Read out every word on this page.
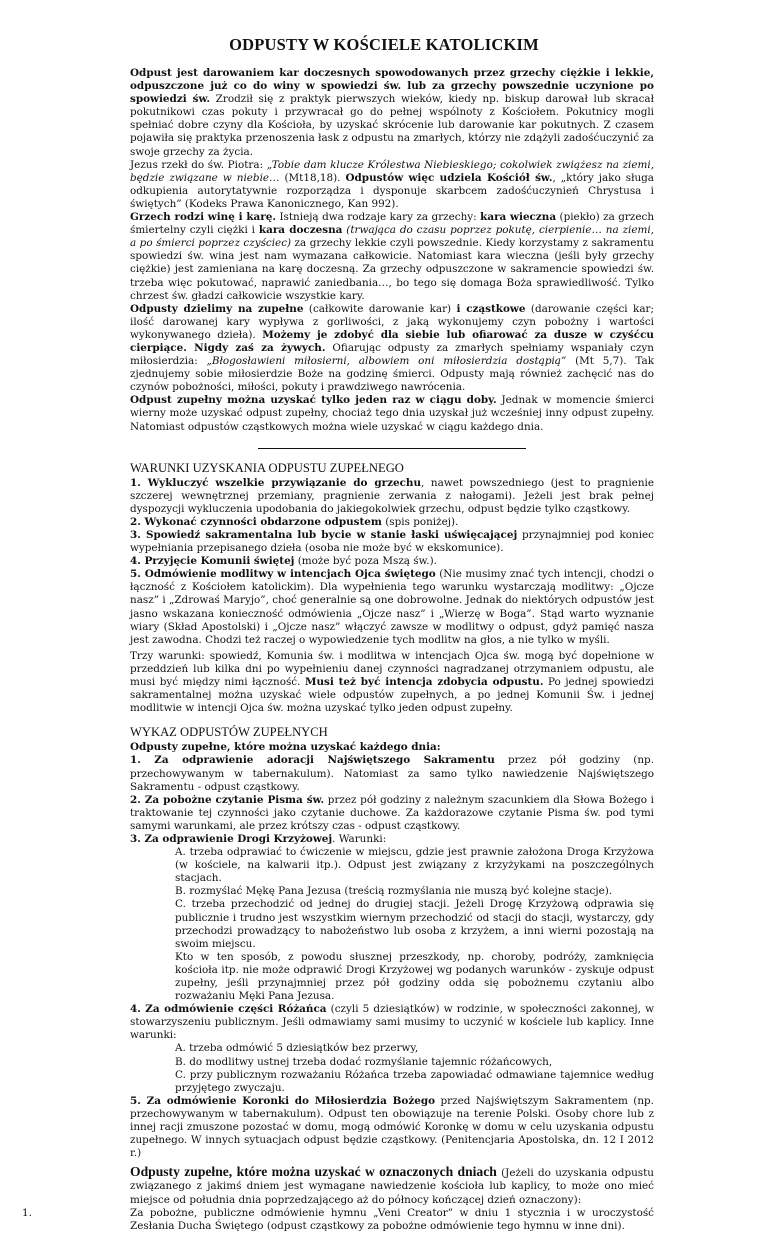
ODPUSTY W KOŚCIELE KATOLICKIM

Odpust jest darowaniem kar doczesnych spowodowanych przez grzechy ciężkie i lekkie, odpuszczone już co do winy w spowiedzi św. lub za grzechy powszednie uczynione po spowiedzi św. Zrodził się z praktyk pierwszych wieków, kiedy np. biskup darował lub skracał pokutnikowi czas pokuty i przywracał go do pełnej wspólnoty z Kościołem. Pokutnicy mogli spełniać dobre czyny dla Kościoła, by uzyskać skrócenie lub darowanie kar pokutnych. Z czasem pojawiła się praktyka przenoszenia łask z odpustu na zmarłych, którzy nie zdążyli zadośćuczynić za swoje grzechy za życia.

Jezus rzekł do św. Piotra: „Tobie dam klucze Królestwa Niebieskiego; cokolwiek zwiążesz na ziemi, będzie związane w niebie… (Mt18,18). Odpustów więc udziela Kościół św., „który jako sługa odkupienia autorytatywnie rozporządza i dysponuje skarbcem zadośćuczynień Chrystusa i świętych” (Kodeks Prawa Kanonicznego, Kan 992).

Grzech rodzi winę i karę. Istnieją dwa rodzaje kary za grzechy: kara wieczna (piekło) za grzech śmiertelny czyli ciężki i kara doczesna (trwająca do czasu poprzez pokutę, cierpienie… na ziemi, a po śmierci poprzez czyściec) za grzechy lekkie czyli powszednie. Kiedy korzystamy z sakramentu spowiedzi św. wina jest nam wymazana całkowicie. Natomiast kara wieczna (jeśli były grzechy ciężkie) jest zamieniana na karę doczesną. Za grzechy odpuszczone w sakramencie spowiedzi św. trzeba więc pokutować, naprawić zaniedbania…, bo tego się domaga Boża sprawiedliwość. Tylko chrzest św. gładzi całkowicie wszystkie kary.

Odpusty dzielimy na zupełne (całkowite darowanie kar) i cząstkowe (darowanie części kar; ilość darowanej kary wypływa z gorliwości, z jaką wykonujemy czyn pobożny i wartości wykonywanego dzieła). Możemy je zdobyć dla siebie lub ofiarować za dusze w czyśćcu cierpiące. Nigdy zaś za żywych. Ofiarując odpusty za zmarłych spełniamy wspaniały czyn miłosierdzia: „Błogosławieni miłosierni, albowiem oni miłosierdzia dostąpią” (Mt 5,7). Tak zjednujemy sobie miłosierdzie Boże na godzinę śmierci. Odpusty mają również zachęcić nas do czynów pobożności, miłości, pokuty i prawdziwego nawrócenia.

Odpust zupełny można uzyskać tylko jeden raz w ciągu doby. Jednak w momencie śmierci wierny może uzyskać odpust zupełny, chociaż tego dnia uzyskał już wcześniej inny odpust zupełny. Natomiast odpustów cząstkowych można wiele uzyskać w ciągu każdego dnia.

WARUNKI UZYSKANIA ODPUSTU ZUPEŁNEGO

1. Wykluczyć wszelkie przywiązanie do grzechu, nawet powszedniego (jest to pragnienie szczerej wewnętrznej przemiany, pragnienie zerwania z nałogami). Jeżeli jest brak pełnej dyspozycji wykluczenia upodobania do jakiegokolwiek grzechu, odpust będzie tylko cząstkowy.

2. Wykonać czynności obdarzone odpustem (spis poniżej).

3. Spowiedź sakramentalna lub bycie w stanie łaski uświęcającej przynajmniej pod koniec wypełniania przepisanego dzieła (osoba nie może być w ekskomunice).

4. Przyjęcie Komunii świętej (może być poza Mszą św.).

5. Odmówienie modlitwy w intencjach Ojca świętego (Nie musimy znać tych intencji, chodzi o łączność z Kościołem katolickim). Dla wypełnienia tego warunku wystarczają modlitwy: „Ojcze nasz” i „Zdrowaś Maryjo”, choć generalnie są one dobrowolne. Jednak do niektórych odpustów jest jasno wskazana konieczność odmówienia „Ojcze nasz” i „Wierzę w Boga”. Stąd warto wyznanie wiary (Skład Apostolski) i „Ojcze nasz” włączyć zawsze w modlitwy o odpust, gdyż pamięć nasza jest zawodna. Chodzi też raczej o wypowiedzenie tych modlitw na głos, a nie tylko w myśli.

Trzy warunki: spowiedź, Komunia św. i modlitwa w intencjach Ojca św. mogą być dopełnione w przeddzień lub kilka dni po wypełnieniu danej czynności nagradzanej otrzymaniem odpustu, ale musi być między nimi łączność. Musi też być intencja zdobycia odpustu. Po jednej spowiedzi sakramentalnej można uzyskać wiele odpustów zupełnych, a po jednej Komunii Św. i jednej modlitwie w intencji Ojca św. można uzyskać tylko jeden odpust zupełny.

WYKAZ ODPUSTÓW ZUPEŁNYCH

Odpusty zupełne, które można uzyskać każdego dnia:

1. Za odprawienie adoracji Najświętszego Sakramentu przez pół godziny (np. przechowywanym w tabernakulum). Natomiast za samo tylko nawiedzenie Najświętszego Sakramentu - odpust cząstkowy.

2. Za pobożne czytanie Pisma św. przez pół godziny z należnym szacunkiem dla Słowa Bożego i traktowanie tej czynności jako czytanie duchowe. Za każdorazowe czytanie Pisma św. pod tymi samymi warunkami, ale przez krótszy czas - odpust cząstkowy.

3. Za odprawienie Drogi Krzyżowej. Warunki:

A. trzeba odprawiać to ćwiczenie w miejscu, gdzie jest prawnie założona Droga Krzyżowa (w kościele, na kalwarii itp.). Odpust jest związany z krzyżykami na poszczególnych stacjach.

B. rozmyślać Mękę Pana Jezusa (treścią rozmyślania nie muszą być kolejne stacje).

C. trzeba przechodzić od jednej do drugiej stacji. Jeżeli Drogę Krzyżową odprawia się publicznie i trudno jest wszystkim wiernym przechodzić od stacji do stacji, wystarczy, gdy przechodzi prowadzący to nabożeństwo lub osoba z krzyżem, a inni wierni pozostają na swoim miejscu.

Kto w ten sposób, z powodu słusznej przeszkody, np. choroby, podróży, zamknięcia kościoła itp. nie może odprawić Drogi Krzyżowej wg podanych warunków - zyskuje odpust zupełny, jeśli przynajmniej przez pół godziny odda się pobożnemu czytaniu albo rozważaniu Męki Pana Jezusa.

4. Za odmówienie części Różańca (czyli 5 dziesiątków) w rodzinie, w społeczności zakonnej, w stowarzyszeniu publicznym. Jeśli odmawiamy sami musimy to uczynić w kościele lub kaplicy. Inne warunki:

A. trzeba odmówić 5 dziesiątków bez przerwy,

B. do modlitwy ustnej trzeba dodać rozmyślanie tajemnic różańcowych,

C. przy publicznym rozważaniu Różańca trzeba zapowiadać odmawiane tajemnice według przyjętego zwyczaju.

5. Za odmówienie Koronki do Miłosierdzia Bożego przed Najświętszym Sakramentem (np. przechowywanym w tabernakulum). Odpust ten obowiązuje na terenie Polski. Osoby chore lub z innej racji zmuszone pozostać w domu, mogą odmówić Koronkę w domu w celu uzyskania odpustu zupełnego. W innych sytuacjach odpust będzie cząstkowy. (Penitencjaria Apostolska, dn. 12 I 2012 r.)

Odpusty zupełne, które można uzyskać w oznaczonych dniach (Jeżeli do uzyskania odpustu związanego z jakimś dniem jest wymagane nawiedzenie kościoła lub kaplicy, to może ono mieć miejsce od południa dnia poprzedzającego aż do północy kończącej dzień oznaczony):

1.	Za pobożne, publiczne odmówienie hymnu „Veni Creator” w dniu 1 stycznia i w uroczystość Zesłania Ducha Świętego (odpust cząstkowy za pobożne odmówienie tego hymnu w inne dni).
